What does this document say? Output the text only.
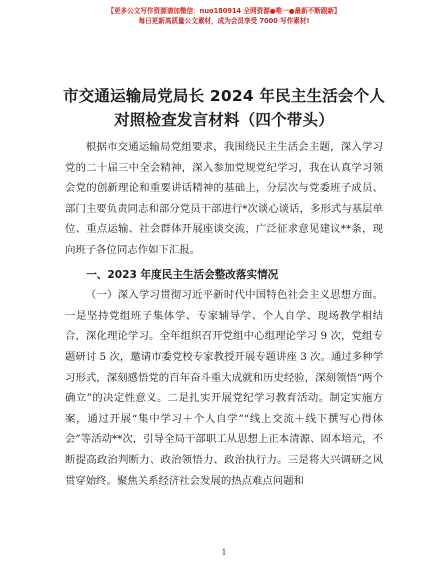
【更多公文写作资源请加微信：nuo180914 全网资源●唯一●最新不断跟新】
每日更新高质量公文素材，成为会员享受 7000 写作素材!
市交通运输局党局长 2024 年民主生活会个人对照检查发言材料（四个带头）

根据市交通运输局党组要求，我围绕民主生活会主题，深入学习党的二十届三中全会精神，深入参加党规党纪学习，我在认真学习领会党的创新理论和重要讲话精神的基础上，分层次与党委班子成员、部门主要负责同志和部分党员干部进行*次谈心谈话，多形式与基层单位、重点运输、社会群体开展座谈交流，广泛征求意见建议**条，现向班子各位同志作如下汇报。

一、2023 年度民主生活会整改落实情况

（一）深入学习贯彻习近平新时代中国特色社会主义思想方面。一是坚持党组班子集体学、专家辅导学、个人自学、现场教学相结合，深化理论学习。全年组织召开党组中心组理论学习 9 次，党组专题研讨 5 次，邀请市委党校专家教授开展专题讲座 3 次。通过多种学习形式，深刻感悟党的百年奋斗重大成就和历史经验，深刻领悟“两个确立”的决定性意义。二是扎实开展党纪学习教育活动。制定实施方案，通过开展“集中学习＋个人自学”“线上交流＋线下撰写心得体会”等活动**次，引导全局干部职工从思想上正本清源、固本培元，不断提高政治判断力、政治领悟力、政治执行力。三是将大兴调研之风贯穿始终。聚焦关系经济社会发展的热点难点问题和

1
